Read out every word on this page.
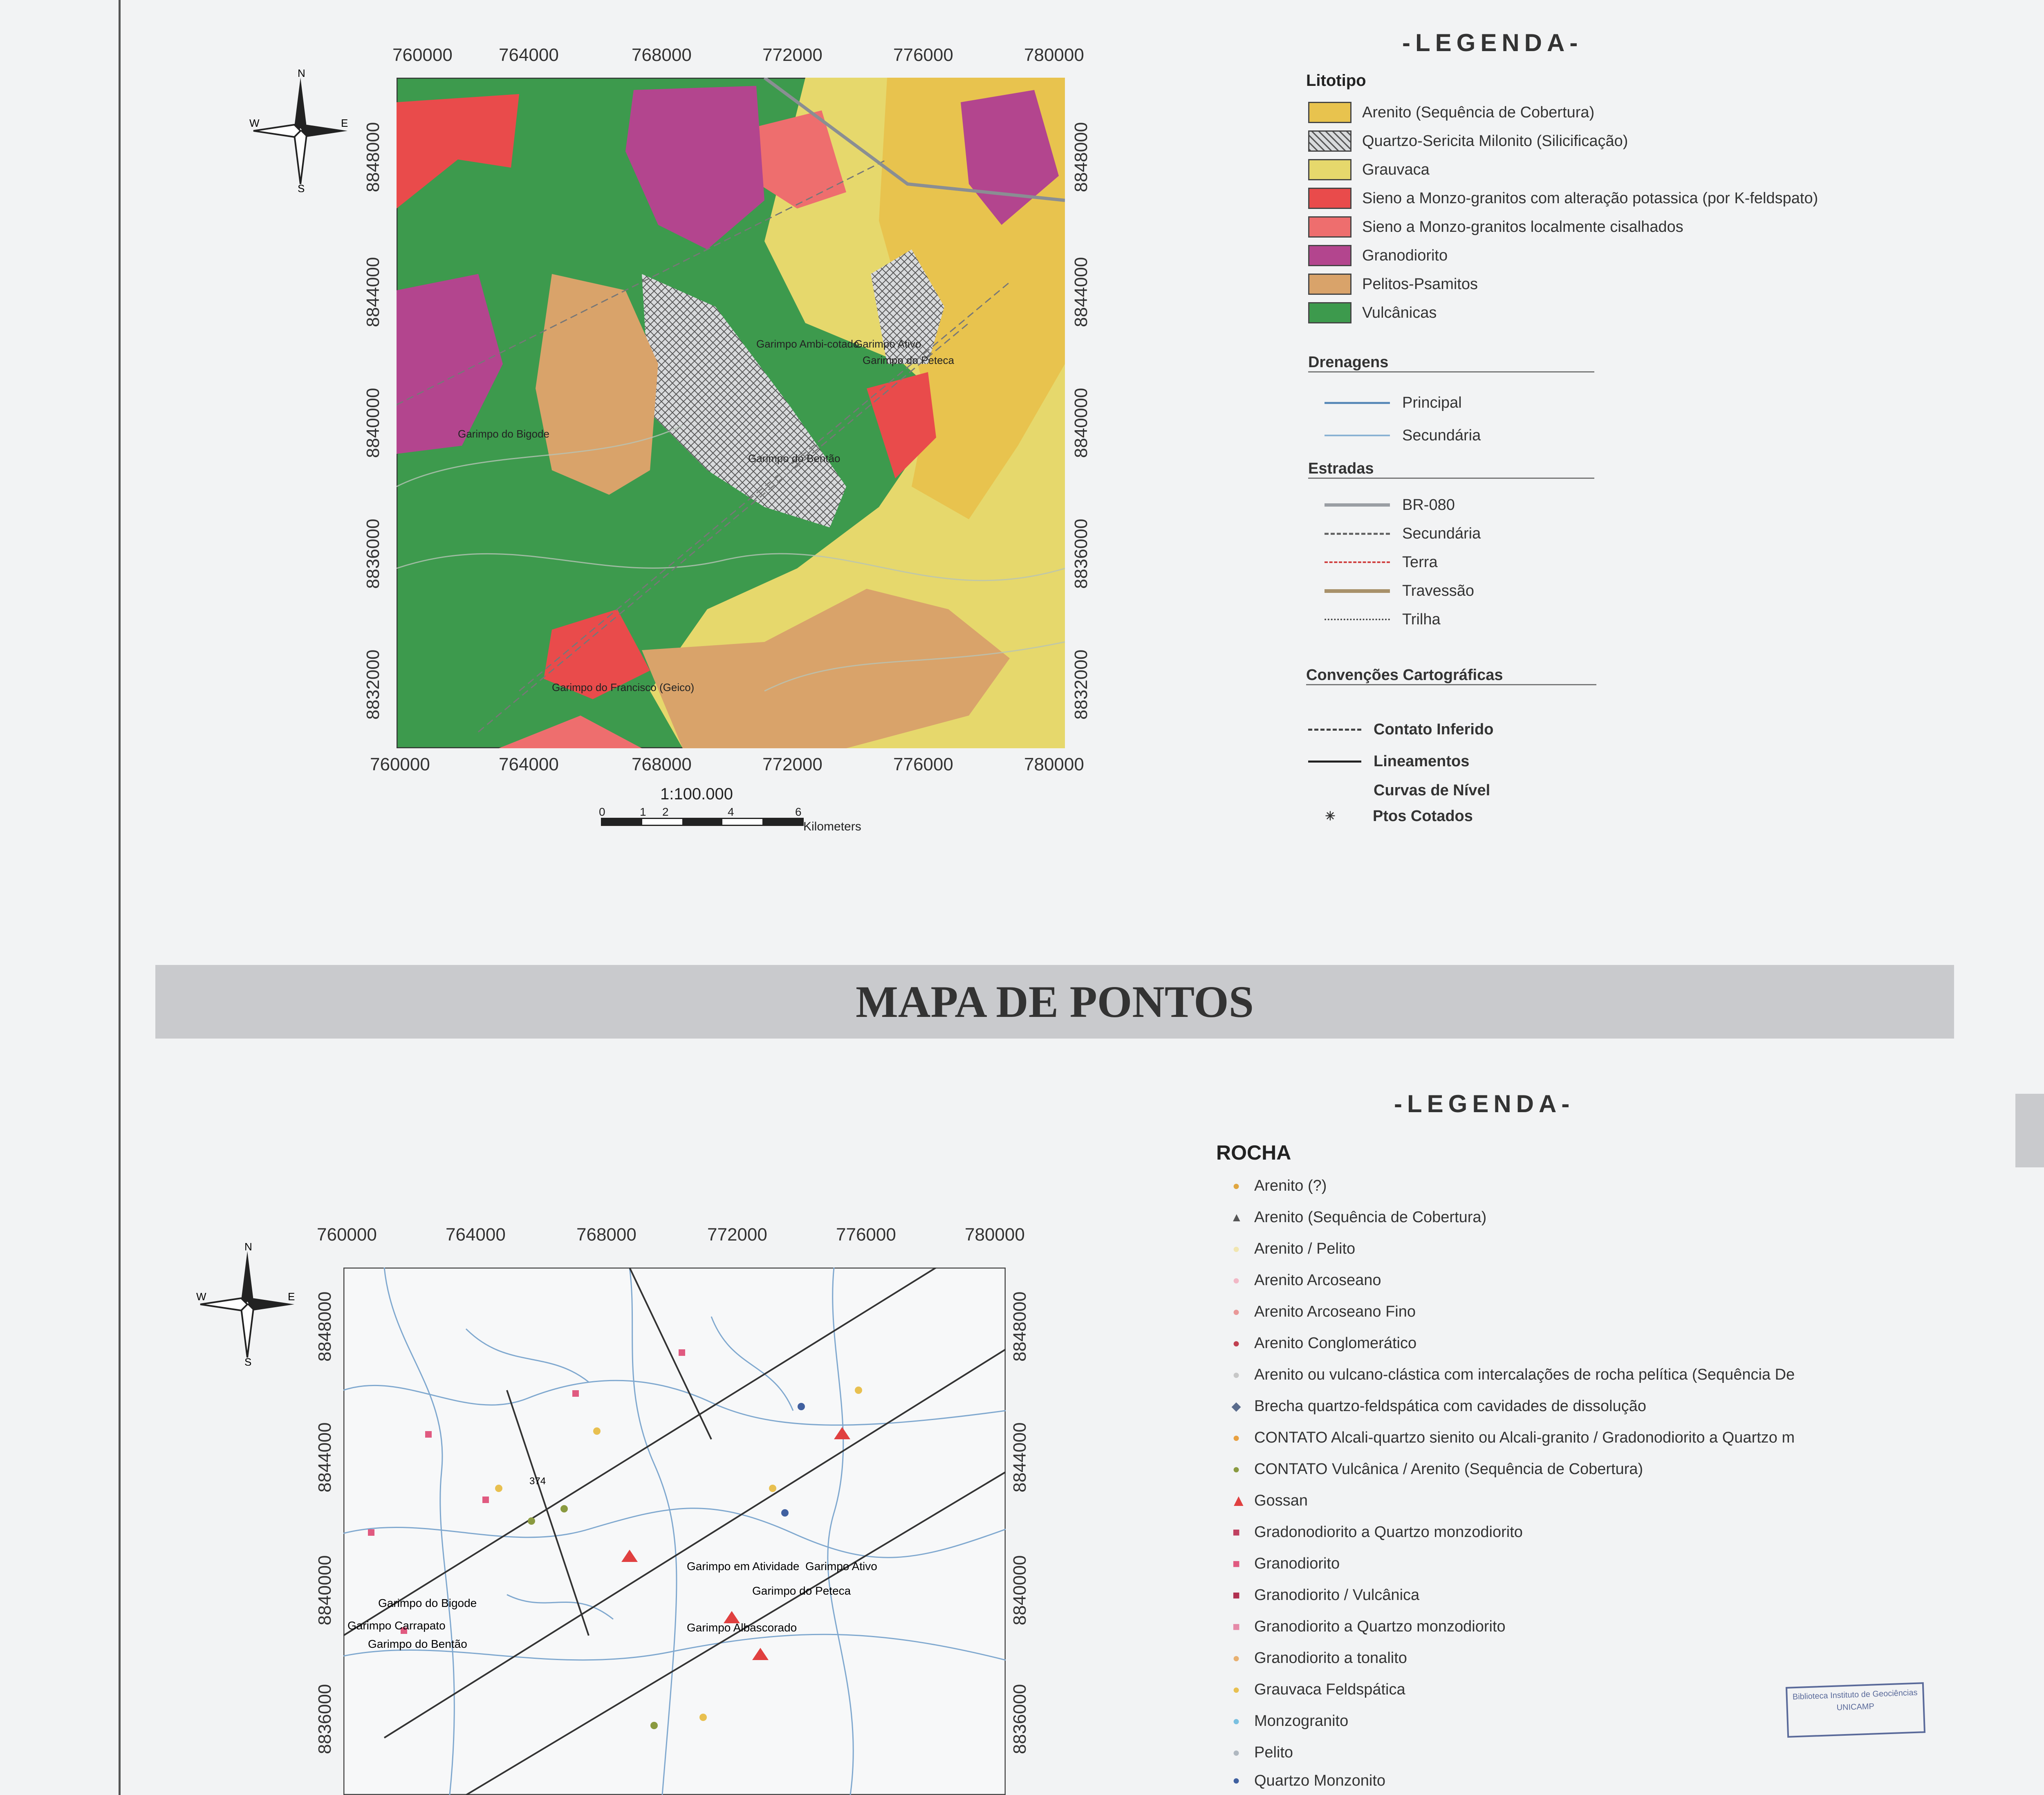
N
W	E
S
760000	764000	768000	772000	776000	780000
760000	764000	768000	772000	776000	780000
8848000
8844000
8840000
8836000
8832000
8848000
8844000
8840000
8836000
8832000
Garimpo do Bigode
Garimpo Ambi-cotado
Garimpo Ativo
Garimpo do Peteca
Garimpo do Bentão
Garimpo do Francisco (Geico)
1:100.000
0	1 2	4	6
Kilometers
-LEGENDA-
Litotipo
Arenito (Sequência de Cobertura)
Quartzo-Sericita Milonito (Silicificação)
Grauvaca
Sieno a Monzo-granitos com alteração potassica (por K-feldspato)
Sieno a Monzo-granitos localmente cisalhados
Granodiorito
Pelitos-Psamitos
Vulcânicas
Drenagens
Principal
Secundária
Estradas
BR-080
Secundária
Terra
Travessão
Trilha
Convenções Cartográficas
Contato Inferido
Lineamentos
Curvas de Nível
✳ Ptos Cotados
MAPA DE PONTOS
-LEGENDA-
ROCHA
● Arenito (?)
▲ Arenito (Sequência de Cobertura)
● Arenito / Pelito
● Arenito Arcoseano
● Arenito Arcoseano Fino
● Arenito Conglomerático
● Arenito ou vulcano-clástica com intercalações de rocha pelítica (Sequência De
◆ Brecha quartzo-feldspática com cavidades de dissolução
● CONTATO Alcali-quartzo sienito ou Alcali-granito / Gradonodiorito a Quartzo m
● CONTATO Vulcânica / Arenito (Sequência de Cobertura)
▲ Gossan
■ Gradonodiorito a Quartzo monzodiorito
■ Granodiorito
■ Granodiorito / Vulcânica
■ Granodiorito a Quartzo monzodiorito
● Granodiorito a tonalito
● Grauvaca Feldspática
● Monzogranito
● Pelito
● Quartzo Monzonito
N
W	E
S
760000	764000	768000	772000	776000	780000
8848000
8844000
8840000
8836000
8848000
8844000
8840000
8836000
Garimpo do Bigode
Garimpo Carrapato
Garimpo do Bentão
Garimpo em Atividade Garimpo Ativo
Garimpo do Peteca
Garimpo Albascorado
374
Biblioteca Instituto de Geociências UNICAMP
